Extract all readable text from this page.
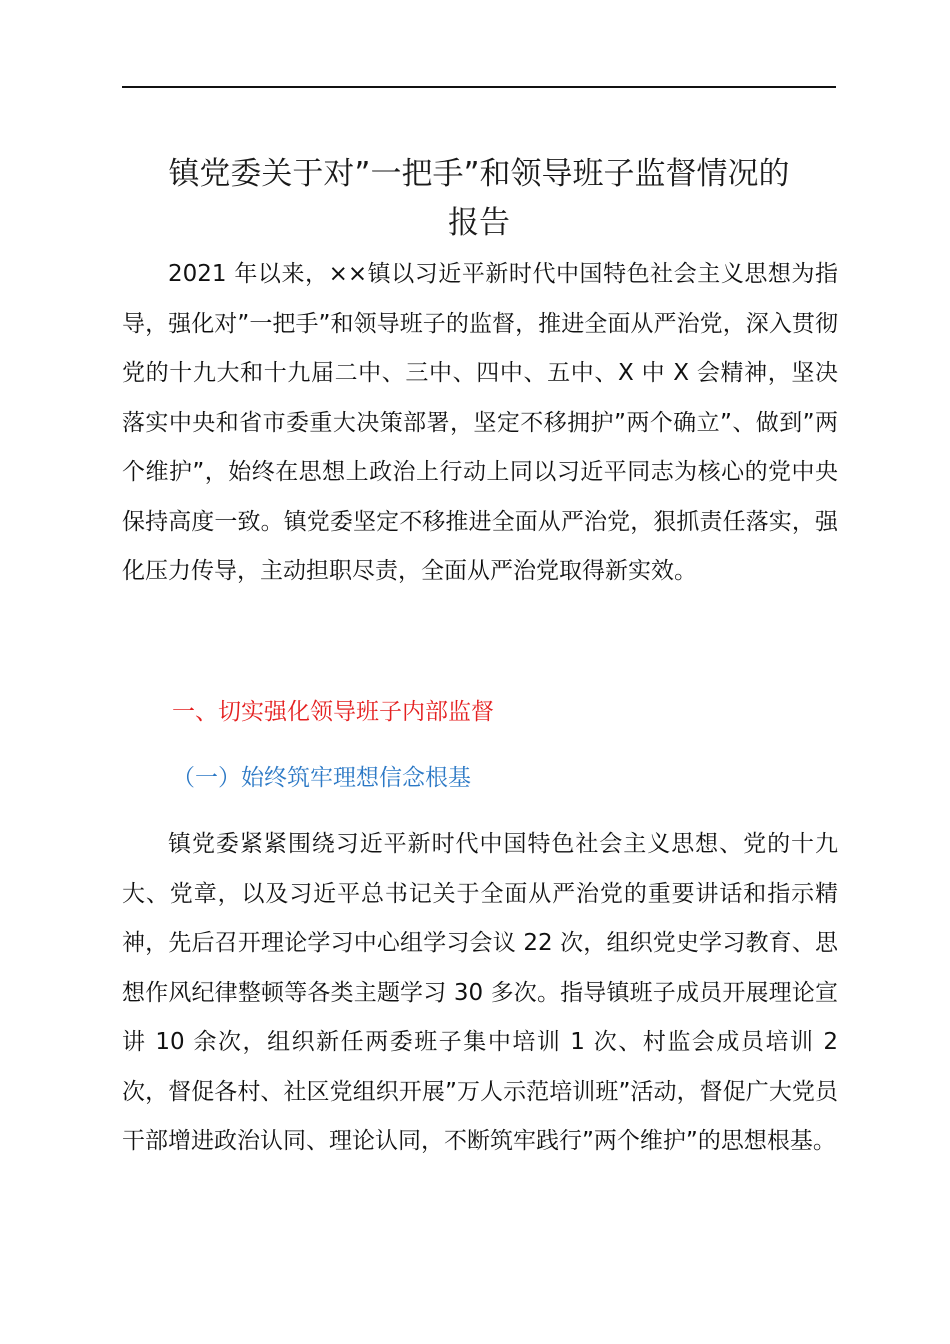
镇党委关于对”一把手”和领导班子监督情况的
报告

2021 年以来，××镇以习近平新时代中国特色社会主义思想为指导，强化对”一把手”和领导班子的监督，推进全面从严治党，深入贯彻党的十九大和十九届二中、三中、四中、五中、X 中 X 会精神，坚决落实中央和省市委重大决策部署，坚定不移拥护”两个确立”、做到”两个维护”，始终在思想上政治上行动上同以习近平同志为核心的党中央保持高度一致。镇党委坚定不移推进全面从严治党，狠抓责任落实，强化压力传导，主动担职尽责，全面从严治党取得新实效。

一、切实强化领导班子内部监督
（一）始终筑牢理想信念根基

镇党委紧紧围绕习近平新时代中国特色社会主义思想、党的十九大、党章，以及习近平总书记关于全面从严治党的重要讲话和指示精神，先后召开理论学习中心组学习会议 22 次，组织党史学习教育、思想作风纪律整顿等各类主题学习 30 多次。指导镇班子成员开展理论宣讲 10 余次，组织新任两委班子集中培训 1 次、村监会成员培训 2 次，督促各村、社区党组织开展”万人示范培训班”活动，督促广大党员干部增进政治认同、理论认同，不断筑牢践行”两个维护”的思想根基。
